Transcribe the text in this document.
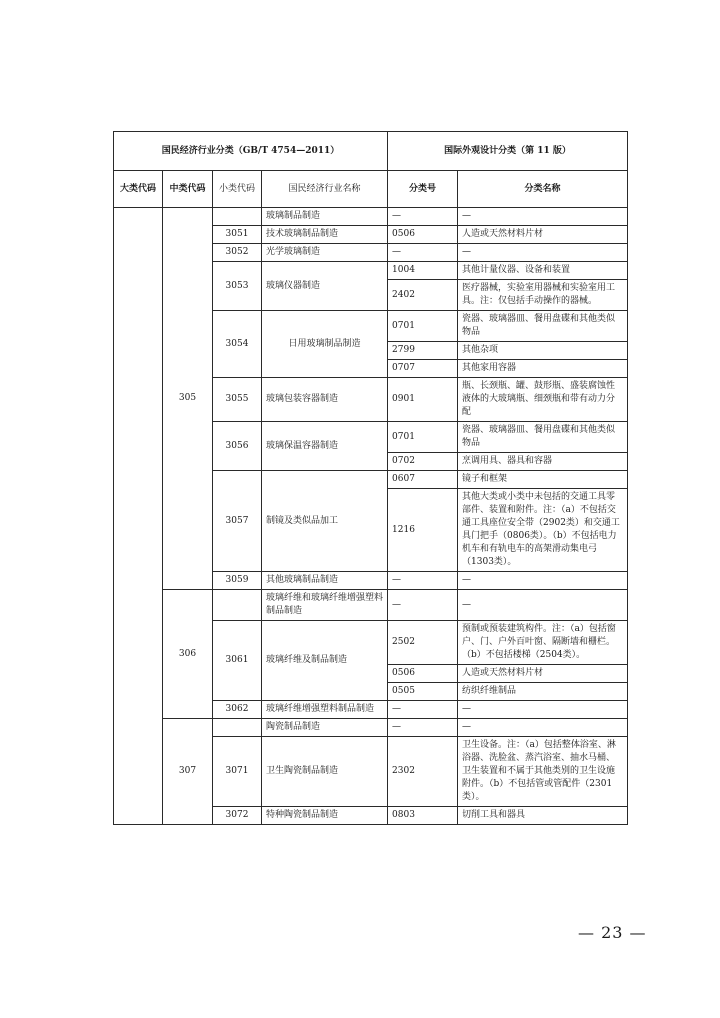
国民经济行业分类（GB/T 4754—2011）				国际外观设计分类（第 11 版）	
大类代码	中类代码	小类代码	国民经济行业名称	分类号	分类名称
	305		玻璃制品制造	—	—
		3051	技术玻璃制品制造	0506	人造或天然材料片材
		3052	光学玻璃制造	—	—
		3053	玻璃仪器制造	1004	其他计量仪器、设备和装置
				2402	医疗器械，实验室用器械和实验室用工具。注：仅包括手动操作的器械。
		3054	日用玻璃制品制造	0701	瓷器、玻璃器皿、餐用盘碟和其他类似物品
				2799	其他杂项
				0707	其他家用容器
		3055	玻璃包装容器制造	0901	瓶、长颈瓶、罐、鼓形瓶、盛装腐蚀性液体的大玻璃瓶、细颈瓶和带有动力分配
		3056	玻璃保温容器制造	0701	瓷器、玻璃器皿、餐用盘碟和其他类似物品
				0702	烹调用具、器具和容器
		3057	制镜及类似品加工	0607	镜子和框架
				1216	其他大类或小类中未包括的交通工具零部件、装置和附件。注：（a）不包括交通工具座位安全带（2902类）和交通工具门把手（0806类）。（b）不包括电力机车和有轨电车的高架滑动集电弓（1303类）。
		3059	其他玻璃制品制造	—	—
	306		玻璃纤维和玻璃纤维增强塑料制品制造	—	—
		3061	玻璃纤维及制品制造	2502	预制或预装建筑构件。注：（a）包括窗户、门、户外百叶窗、隔断墙和栅栏。（b）不包括楼梯（2504类）。
				0506	人造或天然材料片材
				0505	纺织纤维制品
		3062	玻璃纤维增强塑料制品制造	—	—
	307		陶瓷制品制造	—	—
		3071	卫生陶瓷制品制造	2302	卫生设备。注：（a）包括整体浴室、淋浴器、洗脸盆、蒸汽浴室、抽水马桶、卫生装置和不属于其他类别的卫生设施附件。（b）不包括管或管配件（2301类）。
		3072	特种陶瓷制品制造	0803	切削工具和器具
— 23 —
